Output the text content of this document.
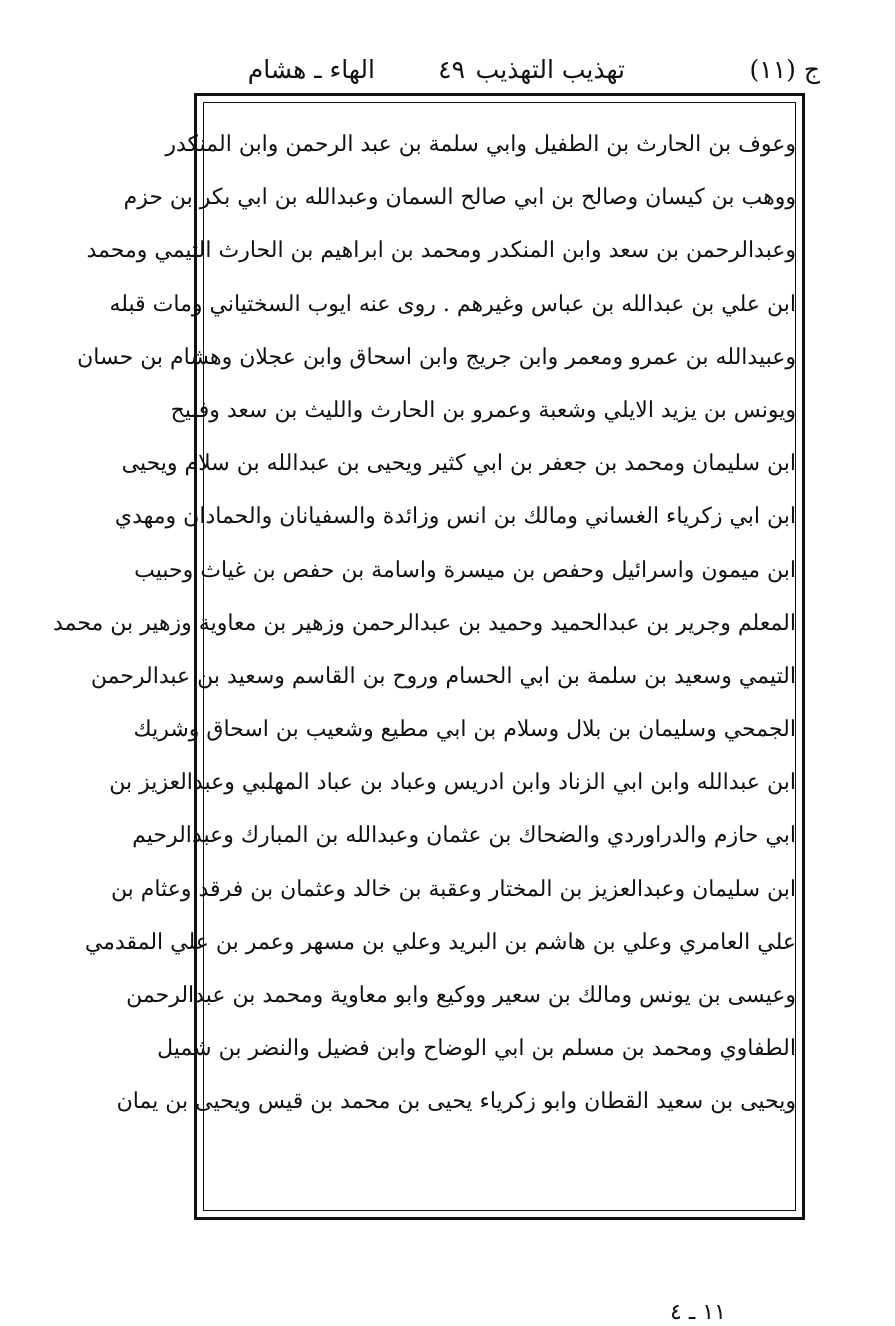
ج (١١)
تهذيب التهذيب
٤٩
الهاء ـ هشام
وعوف بن الحارث بن الطفيل وابي سلمة بن عبد الرحمن وابن المنكدر
ووهب بن كيسان وصالح بن ابي صالح السمان وعبدالله بن ابي بكر بن حزم
وعبدالرحمن بن سعد وابن المنكدر ومحمد بن ابراهيم بن الحارث التيمي ومحمد
ابن علي بن عبدالله بن عباس وغيرهم . روى عنه ايوب السختياني ومات قبله
وعبيدالله بن عمرو ومعمر وابن جريج وابن اسحاق وابن عجلان وهشام بن حسان
ويونس بن يزيد الايلي وشعبة وعمرو بن الحارث والليث بن سعد وفليح
ابن سليمان ومحمد بن جعفر بن ابي كثير ويحيى بن عبدالله بن سلام ويحيى
ابن ابي زكرياء الغساني ومالك بن انس وزائدة والسفيانان والحمادان ومهدي
ابن ميمون واسرائيل وحفص بن ميسرة واسامة بن حفص بن غياث وحبيب
المعلم وجرير بن عبدالحميد وحميد بن عبدالرحمن وزهير بن معاوية وزهير بن محمد
التيمي وسعيد بن سلمة بن ابي الحسام وروح بن القاسم وسعيد بن عبدالرحمن
الجمحي وسليمان بن بلال وسلام بن ابي مطيع وشعيب بن اسحاق وشريك
ابن عبدالله وابن ابي الزناد وابن ادريس وعباد بن عباد المهلبي وعبدالعزيز بن
ابي حازم والدراوردي والضحاك بن عثمان وعبدالله بن المبارك وعبدالرحيم
ابن سليمان وعبدالعزيز بن المختار وعقبة بن خالد وعثمان بن فرقد وعثام بن
علي العامري وعلي بن هاشم بن البريد وعلي بن مسهر وعمر بن علي المقدمي
وعيسى بن يونس ومالك بن سعير ووكيع وابو معاوية ومحمد بن عبدالرحمن
الطفاوي ومحمد بن مسلم بن ابي الوضاح وابن فضيل والنضر بن شميل
ويحيى بن سعيد القطان وابو زكرياء يحيى بن محمد بن قيس ويحيى بن يمان
١١ ـ ٤
